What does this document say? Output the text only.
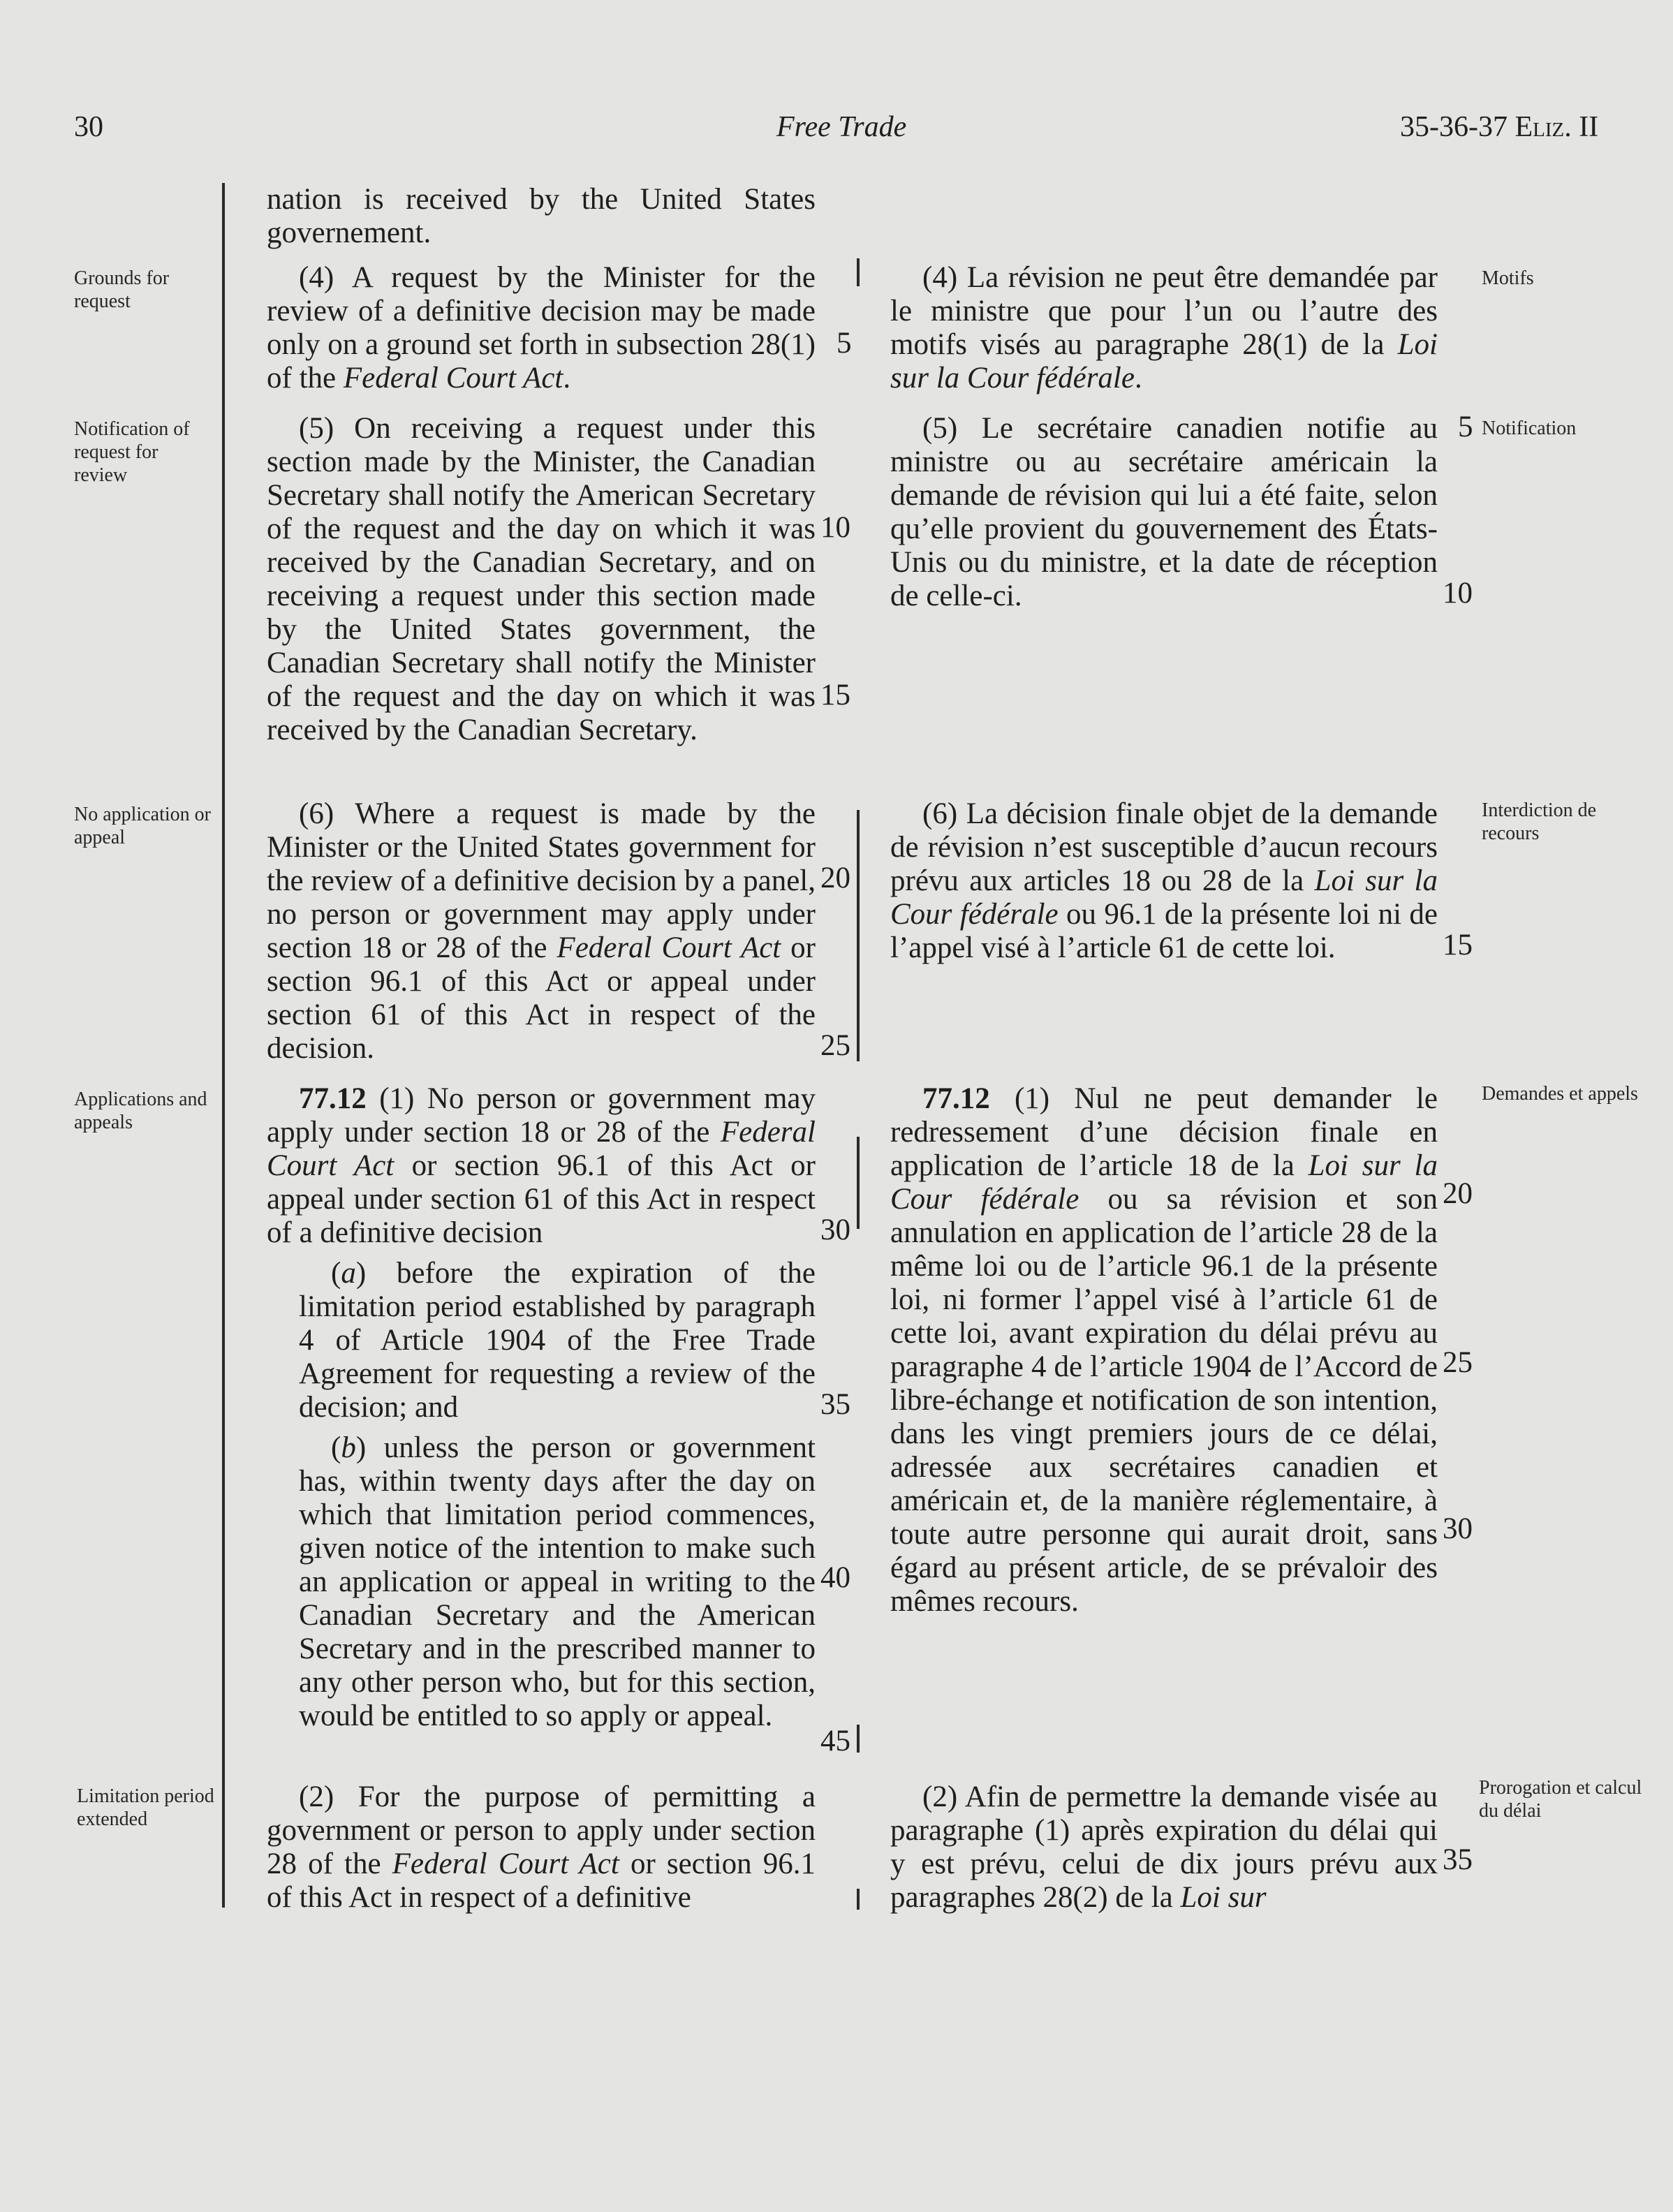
30	Free Trade	35-36-37 Eliz. II
Grounds for request
Notification of request for review
No application or appeal
Applications and appeals
Limitation period extended
Motifs
Notification
Interdiction de recours
Demandes et appels
Prorogation et calcul du délai
5
10
15
20
25
30
35
40
45
5
10
15
20
25
30
35

nation is received by the United States governement.

(4) A request by the Minister for the review of a definitive decision may be made only on a ground set forth in subsection 28(1) of the Federal Court Act.

(5) On receiving a request under this section made by the Minister, the Canadian Secretary shall notify the American Secretary of the request and the day on which it was received by the Canadian Secretary, and on receiving a request under this section made by the United States government, the Canadian Secretary shall notify the Minister of the request and the day on which it was received by the Canadian Secretary.

(6) Where a request is made by the Minister or the United States government for the review of a definitive decision by a panel, no person or government may apply under section 18 or 28 of the Federal Court Act or section 96.1 of this Act or appeal under section 61 of this Act in respect of the decision.

77.12 (1) No person or government may apply under section 18 or 28 of the Federal Court Act or section 96.1 of this Act or appeal under section 61 of this Act in respect of a definitive decision

(a) before the expiration of the limitation period established by paragraph 4 of Article 1904 of the Free Trade Agreement for requesting a review of the decision; and

(b) unless the person or government has, within twenty days after the day on which that limitation period commences, given notice of the intention to make such an application or appeal in writing to the Canadian Secretary and the American Secretary and in the prescribed manner to any other person who, but for this section, would be entitled to so apply or appeal.

(2) For the purpose of permitting a government or person to apply under section 28 of the Federal Court Act or section 96.1 of this Act in respect of a definitive

(4) La révision ne peut être demandée par le ministre que pour l’un ou l’autre des motifs visés au paragraphe 28(1) de la Loi sur la Cour fédérale.

(5) Le secrétaire canadien notifie au ministre ou au secrétaire américain la demande de révision qui lui a été faite, selon qu’elle provient du gouvernement des États-Unis ou du ministre, et la date de réception de celle-ci.

(6) La décision finale objet de la demande de révision n’est susceptible d’aucun recours prévu aux articles 18 ou 28 de la Loi sur la Cour fédérale ou 96.1 de la présente loi ni de l’appel visé à l’article 61 de cette loi.

77.12 (1) Nul ne peut demander le redressement d’une décision finale en application de l’article 18 de la Loi sur la Cour fédérale ou sa révision et son annulation en application de l’article 28 de la même loi ou de l’article 96.1 de la présente loi, ni former l’appel visé à l’article 61 de cette loi, avant expiration du délai prévu au paragraphe 4 de l’article 1904 de l’Accord de libre-échange et notification de son intention, dans les vingt premiers jours de ce délai, adressée aux secrétaires canadien et américain et, de la manière réglementaire, à toute autre personne qui aurait droit, sans égard au présent article, de se prévaloir des mêmes recours.

(2) Afin de permettre la demande visée au paragraphe (1) après expiration du délai qui y est prévu, celui de dix jours prévu aux paragraphes 28(2) de la Loi sur
